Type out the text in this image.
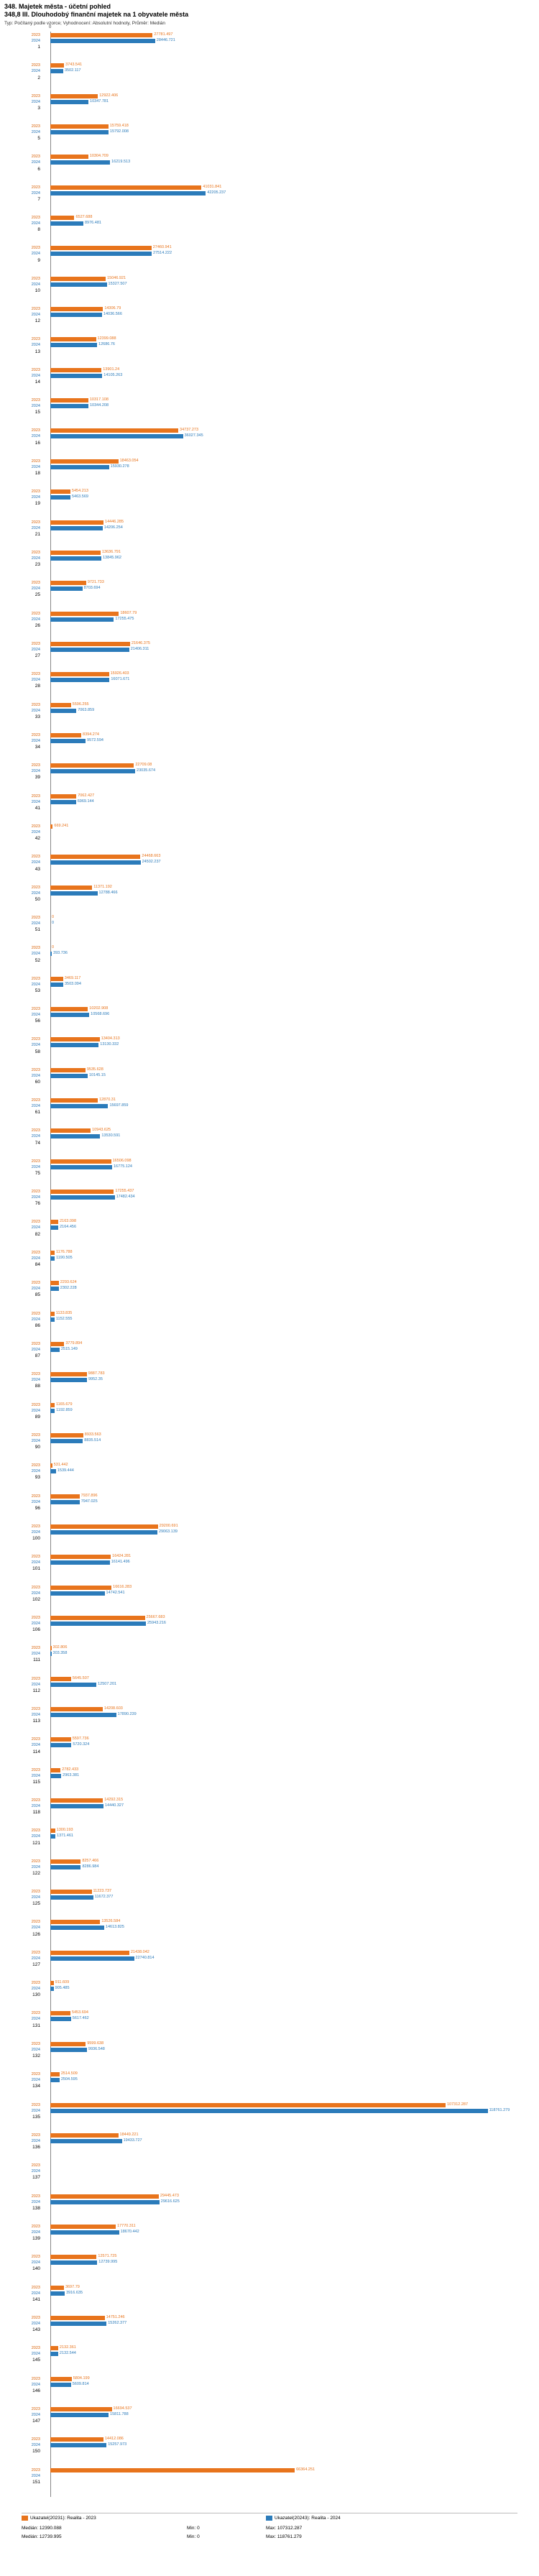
348. Majetek města - účetní pohled
348,8 III. Dlouhodobý finanční majetek na 1 obyvatele města
Typ: Počítaný podle vzorce; Vyhodnocení: Absolutní hodnoty, Průměr: Medián
0
1
2023	27781.497
2024	28446.721
2
2023	3743.541
2024	3502.117
3
2023	12922.406
2024	10347.781
5
2023	15759.418
2024	15792.008
6
2023	10304.709
2024	16219.513
7
2023	41031.841
2024	42205.237
8
2023	6527.688
2024	8976.481
9
2023	27460.941
2024	27514.222
10
2023	15046.921
2024	15327.507
12
2023	14306.79
2024	14036.566
13
2023	12399.088
2024	12686.76
14
2023	13901.24
2024	14105.263
15
2023	10317.108
2024	10344.208
16
2023	34737.273
2024	36027.345
18
2023	18463.054
2024	15930.278
19
2023	5454.213
2024	5463.569
21
2023	14446.285
2024	14206.254
23
2023	13636.791
2024	13845.962
25
2023	9721.733
2024	8703.694
26
2023	18607.79
2024	17255.475
27
2023	21646.375
2024	21406.311
28
2023	15926.403
2024	16071.671
33
2023	5596.255
2024	7063.859
34
2023	8394.274
2024	9572.594
39
2023	22709.08
2024	23035.674
41
2023	7062.427
2024	6969.144
42
2023	669.241
2024
43
2023	24468.663
2024	24502.237
50
2023	11371.192
2024	12788.466
51
2023	0
2024	0
52
2023	0
2024	393.736
53
2023	3469.117
2024	3503.094
56
2023	10202.908
2024	10568.696
58
2023	13404.313
2024	13130.332
60
2023	9535.628
2024	10145.15
61
2023	12870.31
2024	15697.859
74
2023	10943.625
2024	13530.591
75
2023	16506.098
2024	16775.124
76
2023	17255.437
2024	17482.434
82
2023	2163.098
2024	2164.456
84
2023	1176.788
2024	1190.505
85
2023	2293.624
2024	2302.228
86
2023	1133.835
2024	1152.555
87
2023	3779.894
2024	2515.149
88
2023	9887.783
2024	9952.35
89
2023	1165.679
2024	1192.859
90
2023	8933.563
2024	8835.514
93
2023	531.442
2024	1539.444
96
2023	7937.896
2024	7947.025
100
2023	29200.691
2024	29063.139
101
2023	16424.281
2024	16141.496
102
2023	16616.283
2024	14742.541
106
2023	25667.683
2024	25943.216
111
2023	302.806
2024	303.358
112
2023	5645.507
2024	12507.201
113
2023	14208.603
2024	17890.239
114
2023	5597.736
2024	5720.324
115
2023	2782.433
2024	2963.381
118
2023	14292.315
2024	14440.327
121
2023	1300.193
2024	1371.461
122
2023	8257.466
2024	8286.984
125
2023	11223.737
2024	11672.377
126
2023	13526.584
2024	14613.825
127
2023	21438.042
2024	22740.814
130
2023	911.609
2024	905.485
131
2023	5453.694
2024	5617.462
132
2023	9599.638
2024	9936.548
134
2023	2514.509
2024	2504.595
135
2023	107312.287
2024	118761.279
136
2023	18449.221
2024	19433.727
137
2023
2024
138
2023	29445.473
2024	29616.625
139
2023	17770.311
2024	18670.442
140
2023	12571.725
2024	12739.995
141
2023	3697.79
2024	3916.635
143
2023	14751.246
2024	15262.377
145
2023	2132.361
2024	2132.544
146
2023	5804.199
2024	5609.814
147
2023	16694.537
2024	15811.788
150
2023	14412.086
2024	15257.973
151
2023	66364.251
2024
Ukazatel(20231): Realita - 2023	Ukazatel(20243): Realita - 2024
Medián: 12390.088	Min: 0	Max: 107312.287
Medián: 12739.995	Min: 0	Max: 118761.279
